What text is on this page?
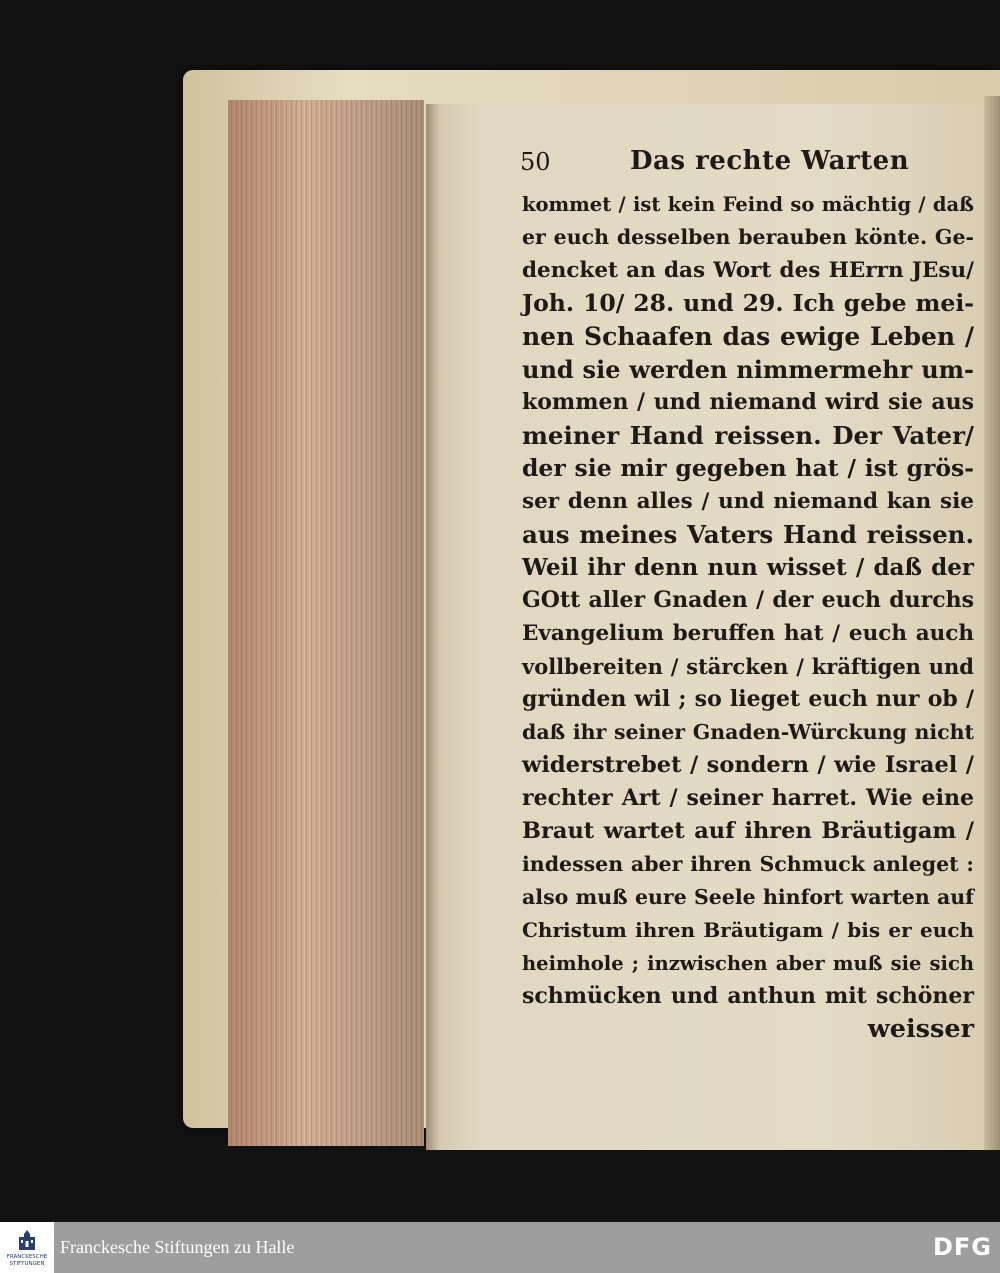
50	Das rechte Warten
kommet / ist kein Feind so mächtig / daß
er euch desselben berauben könte. Ge-
dencket an das Wort des HErrn JEsu/
Joh. 10/ 28. und 29. Ich gebe mei-
nen Schaafen das ewige Leben /
und sie werden nimmermehr um-
kommen / und niemand wird sie aus
meiner Hand reissen. Der Vater/
der sie mir gegeben hat / ist grös-
ser denn alles / und niemand kan sie
aus meines Vaters Hand reissen.
Weil ihr denn nun wisset / daß der
GOtt aller Gnaden / der euch durchs
Evangelium beruffen hat / euch auch
vollbereiten / stärcken / kräftigen und
gründen wil ; so lieget euch nur ob /
daß ihr seiner Gnaden-Würckung nicht
widerstrebet / sondern / wie Israel /
rechter Art / seiner harret. Wie eine
Braut wartet auf ihren Bräutigam /
indessen aber ihren Schmuck anleget :
also muß eure Seele hinfort warten auf
Christum ihren Bräutigam / bis er euch
heimhole ; inzwischen aber muß sie sich
schmücken und anthun mit schöner
weisser
FRANCKESCHE
STIFTUNGEN
Franckesche Stiftungen zu Halle	DFG
